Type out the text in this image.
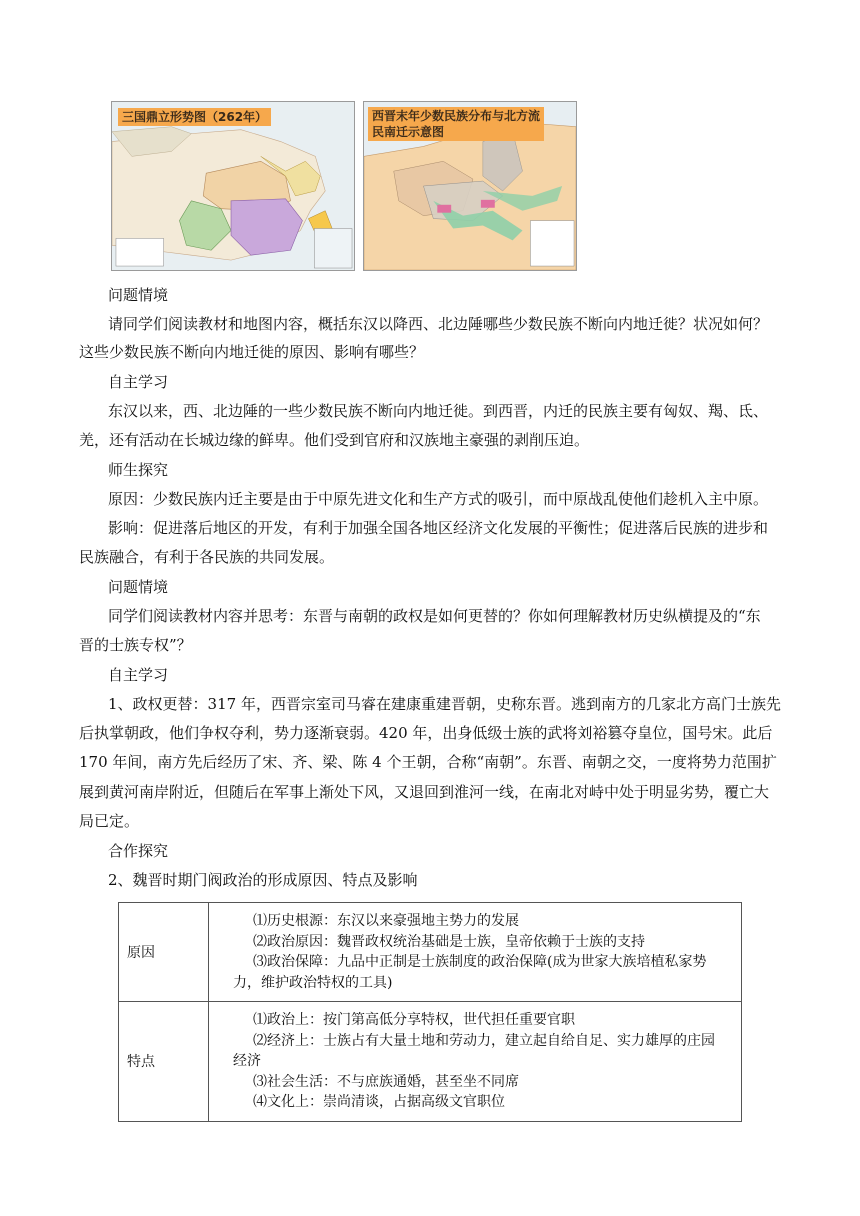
三国鼎立形势图（262年）	西晋末年少数民族分布与北方流民南迁示意图
问题情境
请同学们阅读教材和地图内容，概括东汉以降西、北边陲哪些少数民族不断向内地迁徙？状况如何？
这些少数民族不断向内地迁徙的原因、影响有哪些？
自主学习
东汉以来，西、北边陲的一些少数民族不断向内地迁徙。到西晋，内迁的民族主要有匈奴、羯、氐、
羌，还有活动在长城边缘的鲜卑。他们受到官府和汉族地主豪强的剥削压迫。
师生探究
原因：少数民族内迁主要是由于中原先进文化和生产方式的吸引，而中原战乱使他们趁机入主中原。
影响：促进落后地区的开发，有利于加强全国各地区经济文化发展的平衡性；促进落后民族的进步和
民族融合，有利于各民族的共同发展。
问题情境
同学们阅读教材内容并思考：东晋与南朝的政权是如何更替的？你如何理解教材历史纵横提及的“东
晋的士族专权”？
自主学习
1、政权更替：317 年，西晋宗室司马睿在建康重建晋朝，史称东晋。逃到南方的几家北方高门士族先
后执掌朝政，他们争权夺利，势力逐渐衰弱。420 年，出身低级士族的武将刘裕篡夺皇位，国号宋。此后
170 年间，南方先后经历了宋、齐、梁、陈 4 个王朝，合称“南朝”。东晋、南朝之交，一度将势力范围扩
展到黄河南岸附近，但随后在军事上渐处下风，又退回到淮河一线，在南北对峙中处于明显劣势，覆亡大
局已定。
合作探究
2、魏晋时期门阀政治的形成原因、特点及影响
原因	⑴历史根源：东汉以来豪强地主势力的发展
⑵政治原因：魏晋政权统治基础是士族，皇帝依赖于士族的支持
⑶政治保障：九品中正制是士族制度的政治保障(成为世家大族培植私家势
力，维护政治特权的工具)

特点	⑴政治上：按门第高低分享特权，世代担任重要官职
⑵经济上：士族占有大量土地和劳动力，建立起自给自足、实力雄厚的庄园
经济
⑶社会生活：不与庶族通婚，甚至坐不同席
⑷文化上：崇尚清谈，占据高级文官职位
